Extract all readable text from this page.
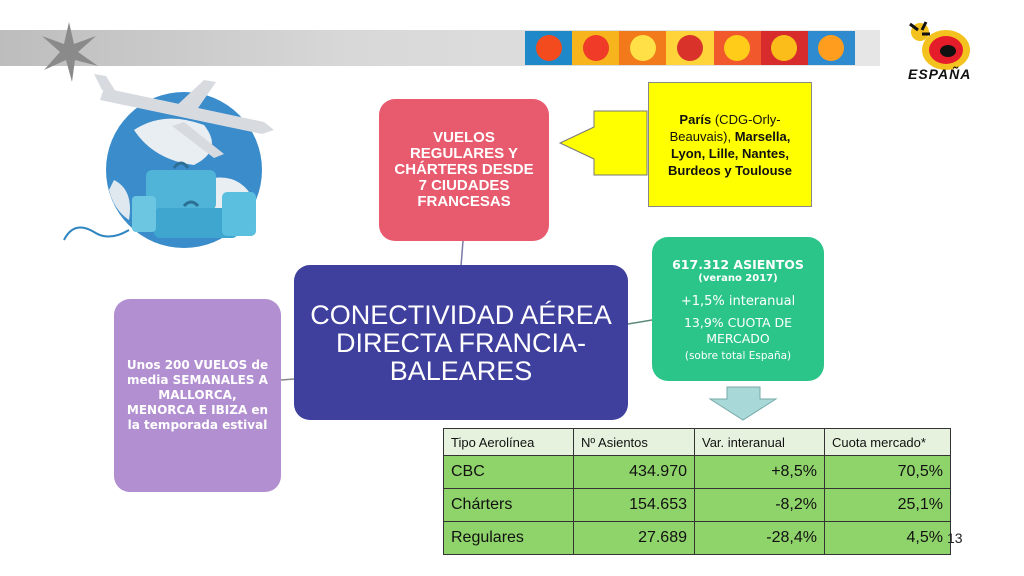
ESPAÑA
VUELOS REGULARES Y CHÁRTERS DESDE 7 CIUDADES FRANCESAS
CONECTIVIDAD AÉREA DIRECTA FRANCIA-BALEARES
617.312 ASIENTOS
(verano 2017)
+1,5% interanual
13,9% CUOTA DE MERCADO
(sobre total España)
Unos 200 VUELOS de media SEMANALES A MALLORCA, MENORCA E IBIZA en la temporada estival
París (CDG-Orly-Beauvais), Marsella, Lyon, Lille, Nantes, Burdeos y Toulouse
Tipo Aerolínea	Nº Asientos	Var. interanual	Cuota mercado*
CBC	434.970	+8,5%	70,5%
Chárters	154.653	-8,2%	25,1%
Regulares	27.689	-28,4%	4,5% 13
